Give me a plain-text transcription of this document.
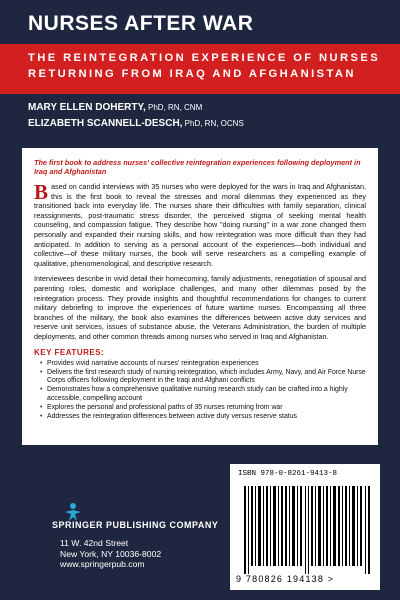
NURSES AFTER WAR
THE REINTEGRATION EXPERIENCE OF NURSES
RETURNING FROM IRAQ AND AFGHANISTAN
MARY ELLEN DOHERTY, PhD, RN, CNM
ELIZABETH SCANNELL-DESCH, PhD, RN, OCNS
The first book to address nurses' collective reintegration experiences following deployment in Iraq and Afghanistan

Based on candid interviews with 35 nurses who were deployed for the wars in Iraq and Afghanistan, this is the first book to reveal the stresses and moral dilemmas they experienced as they transitioned back into everyday life. The nurses share their difficulties with family separation, clinical reassignments, post-traumatic stress disorder, the perceived stigma of seeking mental health counseling, and compassion fatigue. They describe how "doing nursing" in a war zone changed them personally and expanded their nursing skills, and how reintegration was more difficult than they had anticipated. In addition to serving as a personal account of the experiences—both individual and collective—of these military nurses, the book will serve researchers as a compelling example of qualitative, phenomenological, and descriptive research.

Interviewees describe in vivid detail their homecoming, family adjustments, renegotiation of spousal and parenting roles, domestic and workplace challenges, and many other dilemmas posed by the reintegration process. They provide insights and thoughtful recommendations for changes to current military debriefing to improve the experiences of future wartime nurses. Encompassing all three branches of the military, the book also examines the differences between active duty services and reserve unit services, issues of substance abuse, the Veterans Administration, the burden of multiple deployments, and other common threads among nurses who served in Iraq and Afghanistan.

KEY FEATURES:
• Provides vivid narrative accounts of nurses' reintegration experiences
• Delivers the first research study of nursing reintegration, which includes Army, Navy, and Air Force Nurse Corps officers following deployment in the Iraqi and Afghani conflicts
• Demonstrates how a comprehensive qualitative nursing research study can be crafted into a highly accessible, compelling account
• Explores the personal and professional paths of 35 nurses returning from war
• Addresses the reintegration differences between active duty versus reserve status
SPRINGER PUBLISHING COMPANY
11 W. 42nd Street
New York, NY 10036-8002
www.springerpub.com
ISBN 978-0-8261-9413-8
9 780826 194138 >
